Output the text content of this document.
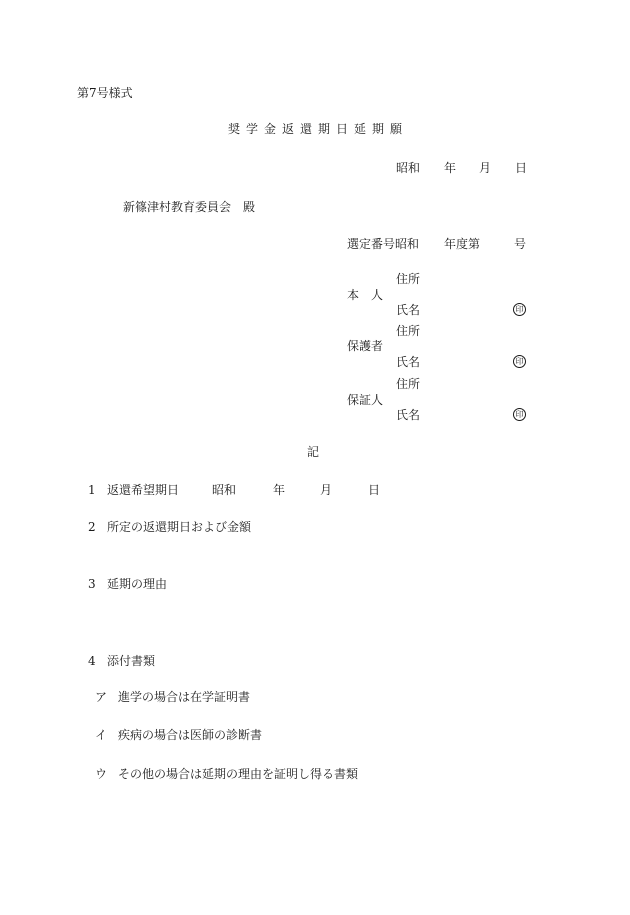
第7号様式
奨学金返還期日延期願
昭和 年 月 日
新篠津村教育委員会　殿
選定番号昭和 年度第	号
住所
本　人
氏名	印
住所
保護者
氏名	印
住所
保証人
氏名	印
記
1 返還希望期日	昭和	年	月	日
2 所定の返還期日および金額
3 延期の理由
4 添付書類
ア 進学の場合は在学証明書
イ 疾病の場合は医師の診断書
ウ その他の場合は延期の理由を証明し得る書類
